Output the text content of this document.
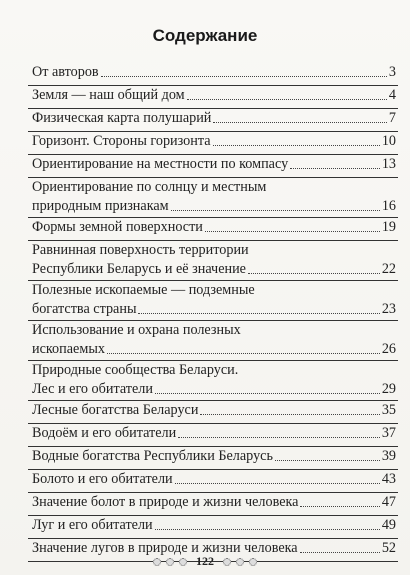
Содержание
От авторов	3
Земля — наш общий дом	4
Физическая карта полушарий	7
Горизонт. Стороны горизонта	10
Ориентирование на местности по компасу	13
Ориентирование по солнцу и местным
природным признакам	16
Формы земной поверхности	19
Равнинная поверхность территории
Республики Беларусь и её значение	22
Полезные ископаемые — подземные
богатства страны	23
Использование и охрана полезных
ископаемых	26
Природные сообщества Беларуси.
Лес и его обитатели	29
Лесные богатства Беларуси	35
Водоём и его обитатели	37
Водные богатства Республики Беларусь	39
Болото и его обитатели	43
Значение болот в природе и жизни человека	47
Луг и его обитатели	49
Значение лугов в природе и жизни человека	52
122
